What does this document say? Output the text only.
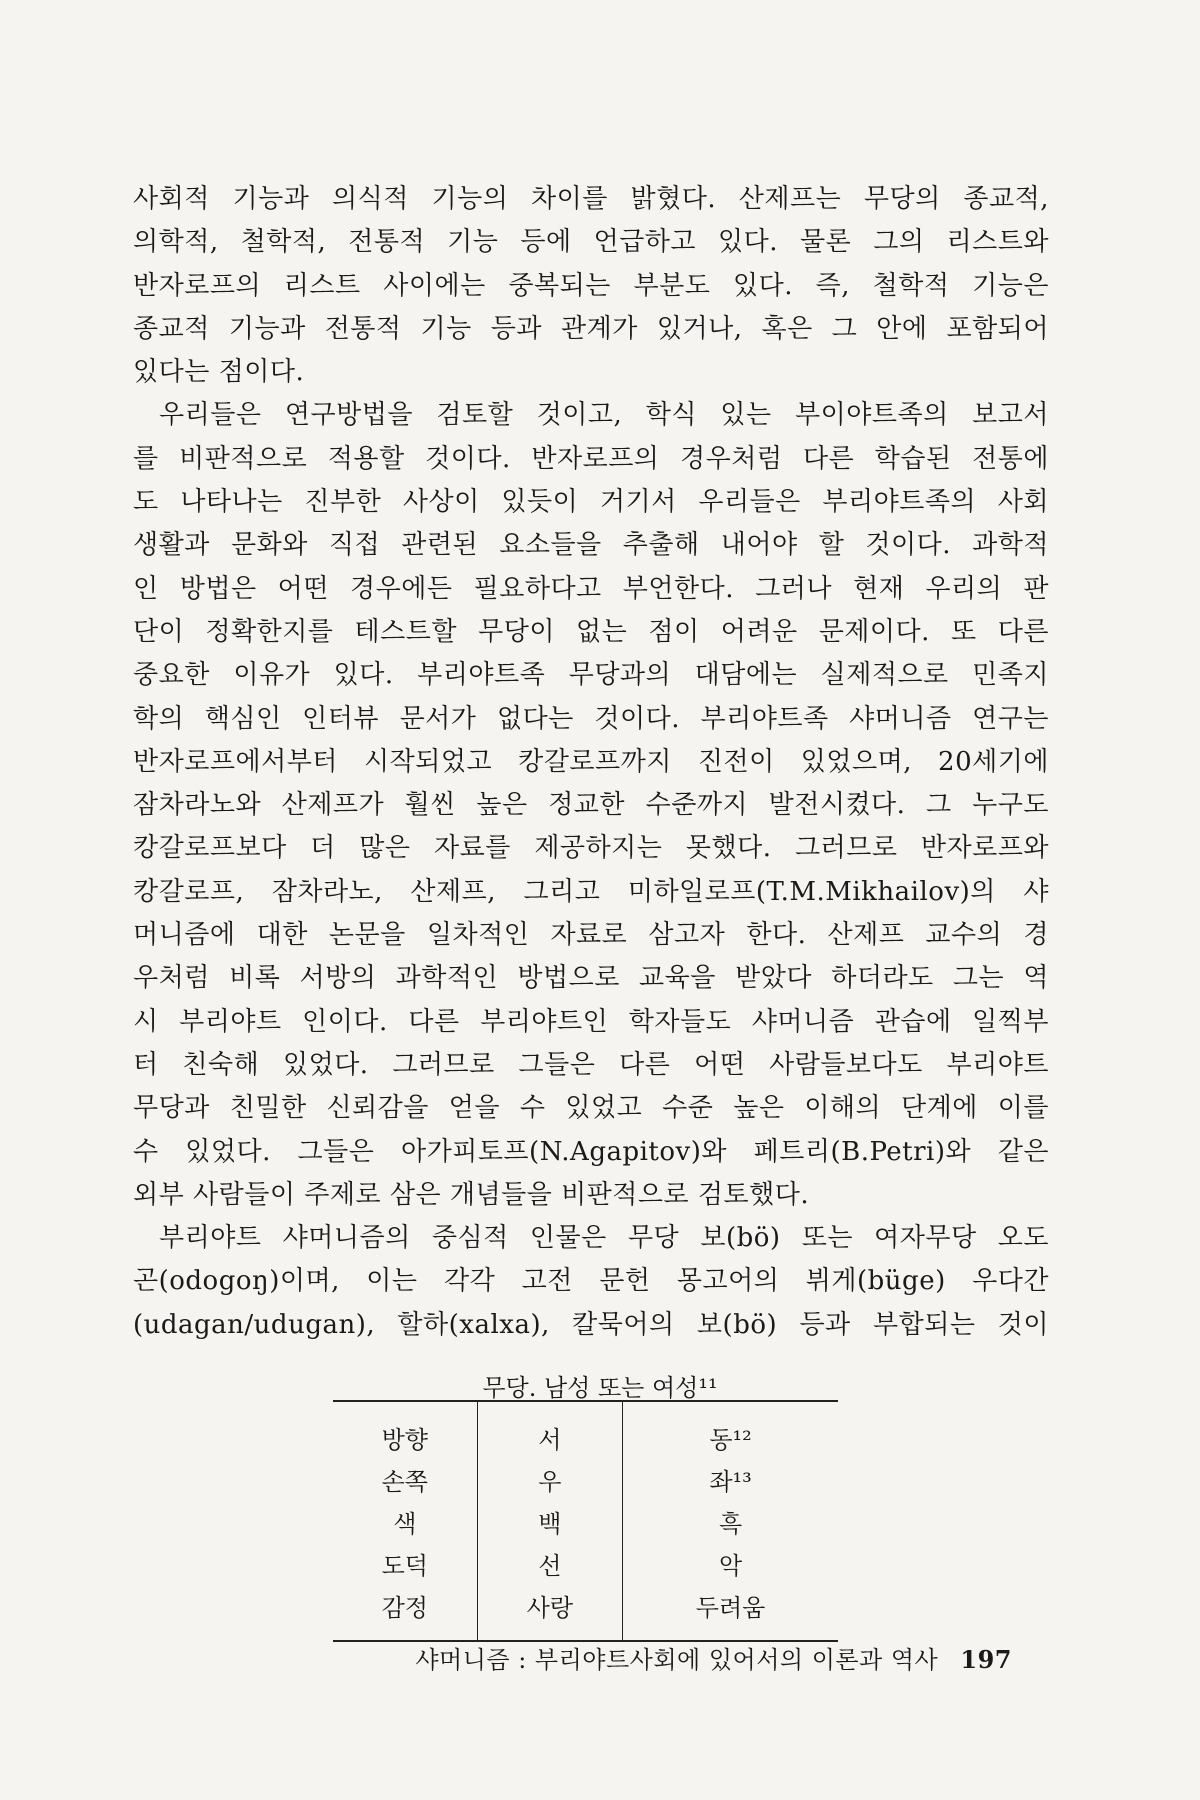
사회적 기능과 의식적 기능의 차이를 밝혔다. 산제프는 무당의 종교적,
의학적, 철학적, 전통적 기능 등에 언급하고 있다. 물론 그의 리스트와
반자로프의 리스트 사이에는 중복되는 부분도 있다. 즉, 철학적 기능은
종교적 기능과 전통적 기능 등과 관계가 있거나, 혹은 그 안에 포함되어
있다는 점이다.
우리들은 연구방법을 검토할 것이고, 학식 있는 부이야트족의 보고서
를 비판적으로 적용할 것이다. 반자로프의 경우처럼 다른 학습된 전통에
도 나타나는 진부한 사상이 있듯이 거기서 우리들은 부리야트족의 사회
생활과 문화와 직접 관련된 요소들을 추출해 내어야 할 것이다. 과학적
인 방법은 어떤 경우에든 필요하다고 부언한다. 그러나 현재 우리의 판
단이 정확한지를 테스트할 무당이 없는 점이 어려운 문제이다. 또 다른
중요한 이유가 있다. 부리야트족 무당과의 대담에는 실제적으로 민족지
학의 핵심인 인터뷰 문서가 없다는 것이다. 부리야트족 샤머니즘 연구는
반자로프에서부터 시작되었고 캉갈로프까지 진전이 있었으며, 20세기에
잠차라노와 산제프가 훨씬 높은 정교한 수준까지 발전시켰다. 그 누구도
캉갈로프보다 더 많은 자료를 제공하지는 못했다. 그러므로 반자로프와
캉갈로프, 잠차라노, 산제프, 그리고 미하일로프(T.M.Mikhailov)의 샤
머니즘에 대한 논문을 일차적인 자료로 삼고자 한다. 산제프 교수의 경
우처럼 비록 서방의 과학적인 방법으로 교육을 받았다 하더라도 그는 역
시 부리야트 인이다. 다른 부리야트인 학자들도 샤머니즘 관습에 일찍부
터 친숙해 있었다. 그러므로 그들은 다른 어떤 사람들보다도 부리야트
무당과 친밀한 신뢰감을 얻을 수 있었고 수준 높은 이해의 단계에 이를
수 있었다. 그들은 아가피토프(N.Agapitov)와 페트리(B.Petri)와 같은
외부 사람들이 주제로 삼은 개념들을 비판적으로 검토했다.
부리야트 샤머니즘의 중심적 인물은 무당 보(bö) 또는 여자무당 오도
곤(odogoŋ)이며, 이는 각각 고전 문헌 몽고어의 뷔게(büge) 우다간
(udagan/udugan), 할하(xalxa), 칼묵어의 보(bö) 등과 부합되는 것이
무당. 남성 또는 여성¹¹
방향	서	동¹²
손쪽	우	좌¹³
색	백	흑
도덕	선	악
감정	사랑	두려움
샤머니즘 : 부리야트사회에 있어서의 이론과 역사 197
